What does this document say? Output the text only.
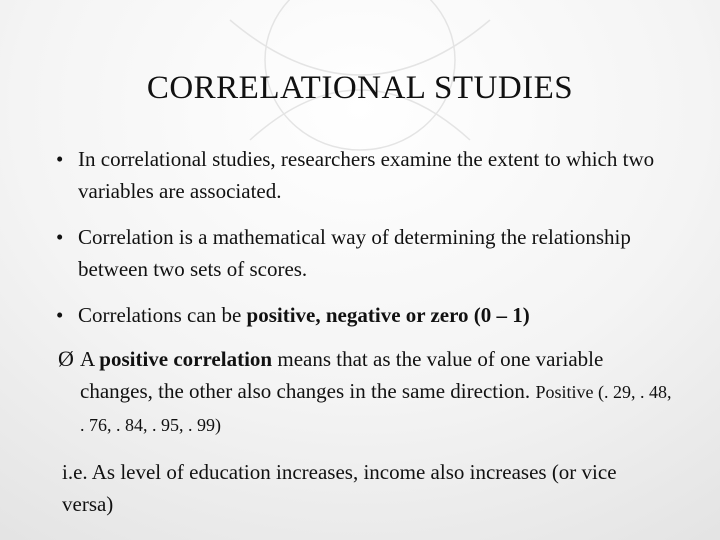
CORRELATIONAL STUDIES
• In correlational studies, researchers examine the extent to which two variables are associated.
• Correlation is a mathematical way of determining the relationship between two sets of scores.
• Correlations can be positive, negative or zero (0 – 1)
Ø A positive correlation means that as the value of one variable changes, the other also changes in the same direction. Positive (. 29, . 48, . 76, . 84, . 95, . 99)
i.e. As level of education increases, income also increases (or vice versa)
